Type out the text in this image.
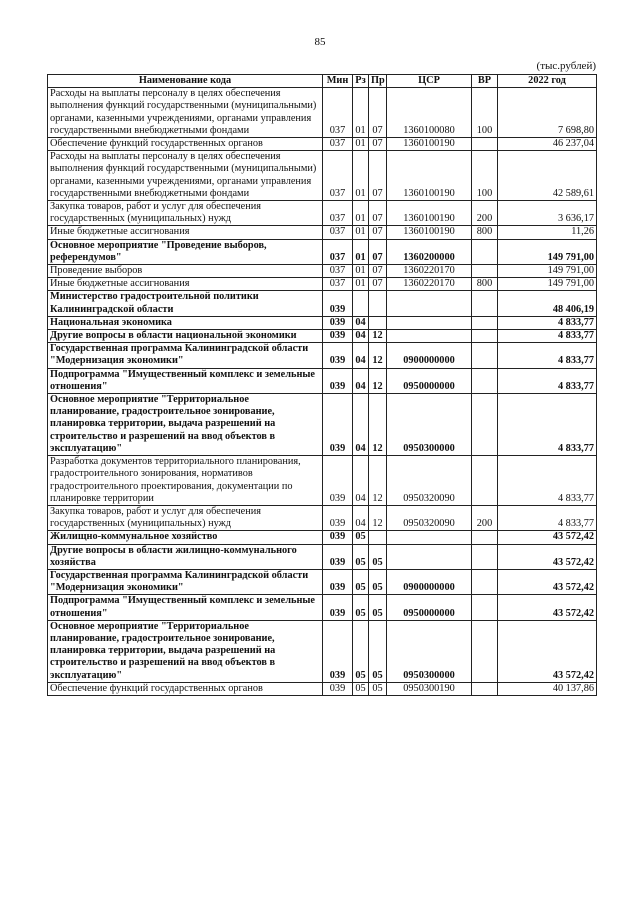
85
(тыс.рублей)
Наименование кода	Мин	Рз	Пр	ЦСР	ВР	2022 год
Расходы на выплаты персоналу в целях обеспечения выполнения функций государственными (муниципальными) органами, казенными учреждениями, органами управления государственными внебюджетными фондами	037	01	07	1360100080	100	7 698,80
Обеспечение функций государственных органов	037	01	07	1360100190		46 237,04
Расходы на выплаты персоналу в целях обеспечения выполнения функций государственными (муниципальными) органами, казенными учреждениями, органами управления государственными внебюджетными фондами	037	01	07	1360100190	100	42 589,61
Закупка товаров, работ и услуг для обеспечения государственных (муниципальных) нужд	037	01	07	1360100190	200	3 636,17
Иные бюджетные ассигнования	037	01	07	1360100190	800	11,26
Основное мероприятие "Проведение выборов, референдумов"	037	01	07	1360200000		149 791,00
Проведение выборов	037	01	07	1360220170		149 791,00
Иные бюджетные ассигнования	037	01	07	1360220170	800	149 791,00
Министерство градостроительной политики Калининградской области	039					48 406,19
Национальная экономика	039	04				4 833,77
Другие вопросы в области национальной экономики	039	04	12			4 833,77
Государственная программа Калининградской области "Модернизация экономики"	039	04	12	0900000000		4 833,77
Подпрограмма "Имущественный комплекс и земельные отношения"	039	04	12	0950000000		4 833,77
Основное мероприятие "Территориальное планирование, градостроительное зонирование, планировка территории, выдача разрешений на строительство и разрешений на ввод объектов в эксплуатацию"	039	04	12	0950300000		4 833,77
Разработка документов территориального планирования, градостроительного зонирования, нормативов градостроительного проектирования, документации по планировке территории	039	04	12	0950320090		4 833,77
Закупка товаров, работ и услуг для обеспечения государственных (муниципальных) нужд	039	04	12	0950320090	200	4 833,77
Жилищно-коммунальное хозяйство	039	05				43 572,42
Другие вопросы в области жилищно-коммунального хозяйства	039	05	05			43 572,42
Государственная программа Калининградской области "Модернизация экономики"	039	05	05	0900000000		43 572,42
Подпрограмма "Имущественный комплекс и земельные отношения"	039	05	05	0950000000		43 572,42
Основное мероприятие "Территориальное планирование, градостроительное зонирование, планировка территории, выдача разрешений на строительство и разрешений на ввод объектов в эксплуатацию"	039	05	05	0950300000		43 572,42
Обеспечение функций государственных органов	039	05	05	0950300190		40 137,86
